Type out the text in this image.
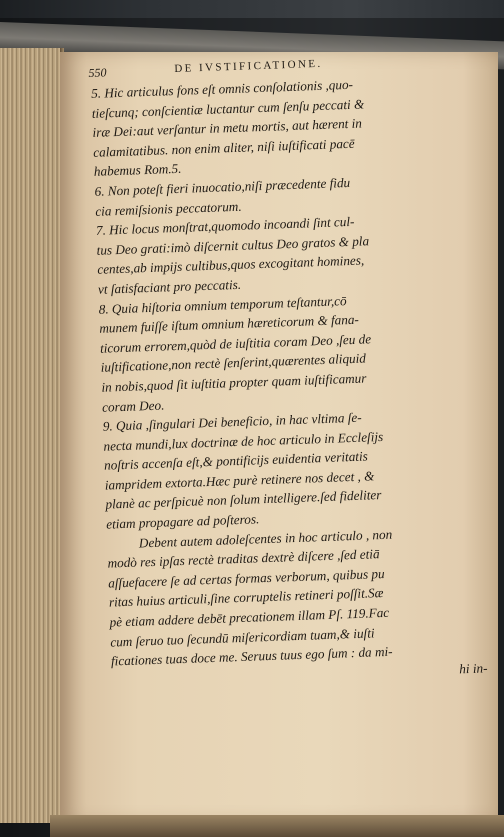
550	DE IVSTIFICATIONE.
5. Hic articulus fons eſt omnis conſolationis ,quo-
tieſcunq; conſcientiæ luctantur cum ſenſu peccati &
iræ Dei:aut verſantur in metu mortis, aut hærent in
calamitatibus. non enim aliter, niſi iuſtificati pacē
habemus Rom.5.
6. Non poteſt fieri inuocatio,niſi præcedente fidu
cia remiſsionis peccatorum.
7. Hic locus monſtrat,quomodo incoandi ſint cul-
tus Deo grati:imò diſcernit cultus Deo gratos & pla
centes,ab impijs cultibus,quos excogitant homines,
vt ſatisfaciant pro peccatis.
8. Quia hiſtoria omnium temporum teſtantur,cō
munem fuiſſe iſtum omnium hæreticorum & fana-
ticorum errorem,quòd de iuſtitia coram Deo ,ſeu de
iuſtificatione,non rectè ſenſerint,quærentes aliquid
in nobis,quod ſit iuſtitia propter quam iuſtificamur
coram Deo.
9. Quia ,ſingulari Dei beneficio, in hac vltima ſe-
necta mundi,lux doctrinæ de hoc articulo in Eccleſijs
noſtris accenſa eſt,& pontificijs euidentia veritatis
iampridem extorta.Hæc purè retinere nos decet , &
planè ac perſpicuè non ſolum intelligere.ſed fideliter
etiam propagare ad poſteros.
Debent autem adoleſcentes in hoc articulo , non
modò res ipſas rectè traditas dextrè diſcere ,ſed etiā
aſſuefacere ſe ad certas formas verborum, quibus pu
ritas huius articuli,ſine corruptelis retineri poſſit.Sæ
pè etiam addere debēt precationem illam Pſ. 119.Fac
cum ſeruo tuo ſecundū miſericordiam tuam,& iuſti
ficationes tuas doce me. Seruus tuus ego ſum : da mi-	hi in-
